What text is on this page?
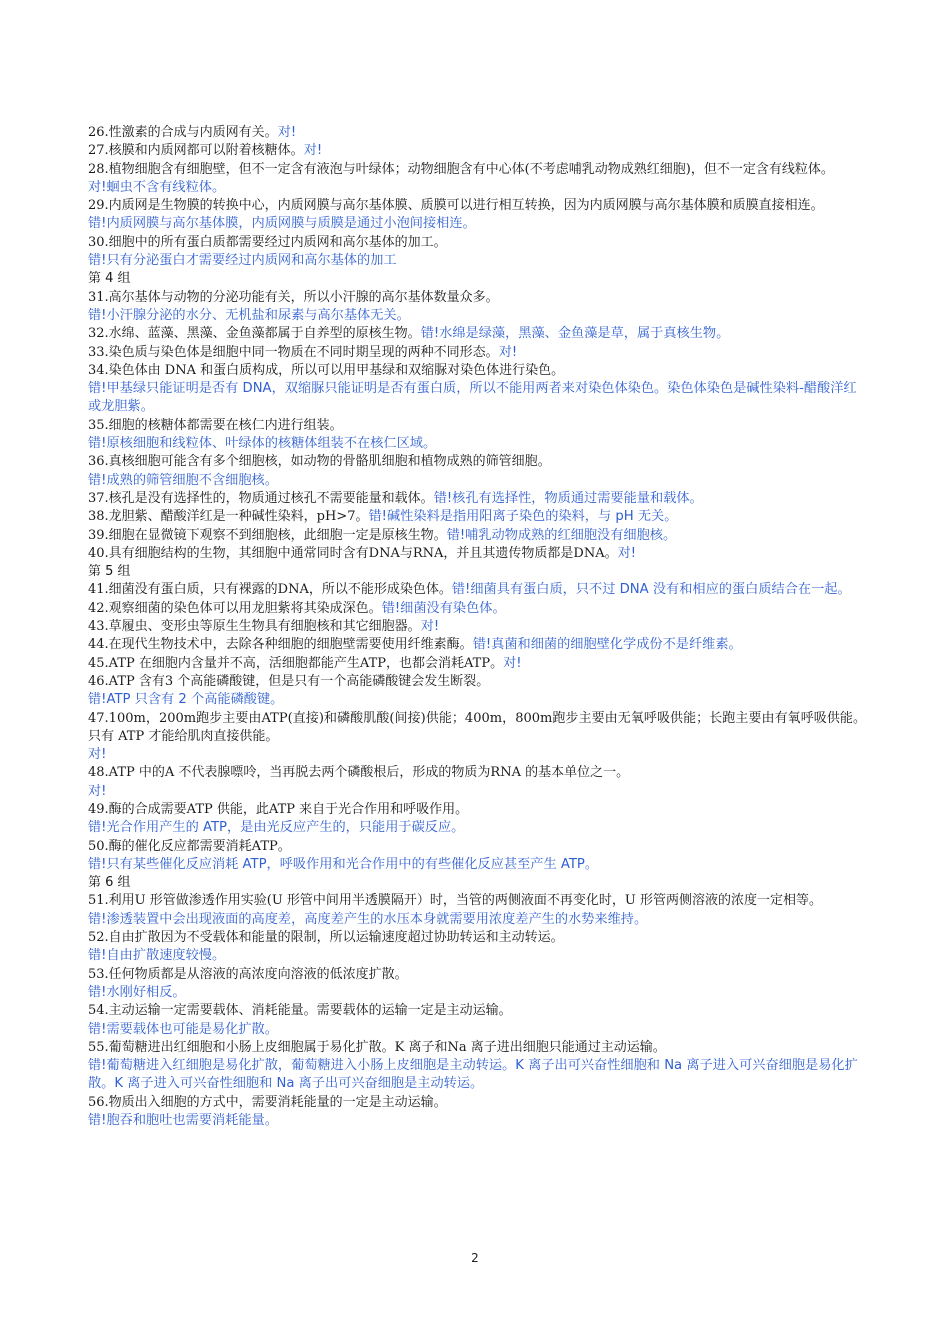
26.性激素的合成与内质网有关。对!
27.核膜和内质网都可以附着核糖体。对!
28.植物细胞含有细胞壁，但不一定含有液泡与叶绿体；动物细胞含有中心体(不考虑哺乳动物成熟红细胞)，但不一定含有线粒体。
对!蛔虫不含有线粒体。
29.内质网是生物膜的转换中心，内质网膜与高尔基体膜、质膜可以进行相互转换，因为内质网膜与高尔基体膜和质膜直接相连。
错!内质网膜与高尔基体膜，内质网膜与质膜是通过小泡间接相连。
30.细胞中的所有蛋白质都需要经过内质网和高尔基体的加工。
错!只有分泌蛋白才需要经过内质网和高尔基体的加工
第 4 组
31.高尔基体与动物的分泌功能有关，所以小汗腺的高尔基体数量众多。
错!小汗腺分泌的水分、无机盐和尿素与高尔基体无关。
32.水绵、蓝藻、黑藻、金鱼藻都属于自养型的原核生物。错!水绵是绿藻，黑藻、金鱼藻是草，属于真核生物。
33.染色质与染色体是细胞中同一物质在不同时期呈现的两种不同形态。对!
34.染色体由 DNA 和蛋白质构成，所以可以用甲基绿和双缩脲对染色体进行染色。
错!甲基绿只能证明是否有 DNA，双缩脲只能证明是否有蛋白质，所以不能用两者来对染色体染色。染色体染色是碱性染料-醋酸洋红或龙胆紫。
35.细胞的核糖体都需要在核仁内进行组装。
错!原核细胞和线粒体、叶绿体的核糖体组装不在核仁区域。
36.真核细胞可能含有多个细胞核，如动物的骨骼肌细胞和植物成熟的筛管细胞。
错!成熟的筛管细胞不含细胞核。
37.核孔是没有选择性的，物质通过核孔不需要能量和载体。错!核孔有选择性，物质通过需要能量和载体。
38.龙胆紫、醋酸洋红是一种碱性染料，pH>7。错!碱性染料是指用阳离子染色的染料，与 pH 无关。
39.细胞在显微镜下观察不到细胞核，此细胞一定是原核生物。错!哺乳动物成熟的红细胞没有细胞核。
40.具有细胞结构的生物，其细胞中通常同时含有DNA与RNA，并且其遗传物质都是DNA。对!
第 5 组
41.细菌没有蛋白质，只有裸露的DNA，所以不能形成染色体。错!细菌具有蛋白质，只不过 DNA 没有和相应的蛋白质结合在一起。
42.观察细菌的染色体可以用龙胆紫将其染成深色。错!细菌没有染色体。
43.草履虫、变形虫等原生生物具有细胞核和其它细胞器。对!
44.在现代生物技术中，去除各种细胞的细胞壁需要使用纤维素酶。错!真菌和细菌的细胞壁化学成份不是纤维素。
45.ATP 在细胞内含量并不高，活细胞都能产生ATP，也都会消耗ATP。对!
46.ATP 含有3 个高能磷酸键，但是只有一个高能磷酸键会发生断裂。
错!ATP 只含有 2 个高能磷酸键。
47.100m，200m跑步主要由ATP(直接)和磷酸肌酸(间接)供能；400m，800m跑步主要由无氧呼吸供能；长跑主要由有氧呼吸供能。只有 ATP 才能给肌肉直接供能。
对!
48.ATP 中的A 不代表腺嘌呤，当再脱去两个磷酸根后，形成的物质为RNA 的基本单位之一。
对!
49.酶的合成需要ATP 供能，此ATP 来自于光合作用和呼吸作用。
错!光合作用产生的 ATP，是由光反应产生的，只能用于碳反应。
50.酶的催化反应都需要消耗ATP。
错!只有某些催化反应消耗 ATP，呼吸作用和光合作用中的有些催化反应甚至产生 ATP。
第 6 组
51.利用U 形管做渗透作用实验(U 形管中间用半透膜隔开）时，当管的两侧液面不再变化时，U 形管两侧溶液的浓度一定相等。
错!渗透装置中会出现液面的高度差，高度差产生的水压本身就需要用浓度差产生的水势来维持。
52.自由扩散因为不受载体和能量的限制，所以运输速度超过协助转运和主动转运。
错!自由扩散速度较慢。
53.任何物质都是从溶液的高浓度向溶液的低浓度扩散。
错!水刚好相反。
54.主动运输一定需要载体、消耗能量。需要载体的运输一定是主动运输。
错!需要载体也可能是易化扩散。
55.葡萄糖进出红细胞和小肠上皮细胞属于易化扩散。K 离子和Na 离子进出细胞只能通过主动运输。
错!葡萄糖进入红细胞是易化扩散，葡萄糖进入小肠上皮细胞是主动转运。K 离子出可兴奋性细胞和 Na 离子进入可兴奋细胞是易化扩散。K 离子进入可兴奋性细胞和 Na 离子出可兴奋细胞是主动转运。
56.物质出入细胞的方式中，需要消耗能量的一定是主动运输。
错!胞吞和胞吐也需要消耗能量。
2
